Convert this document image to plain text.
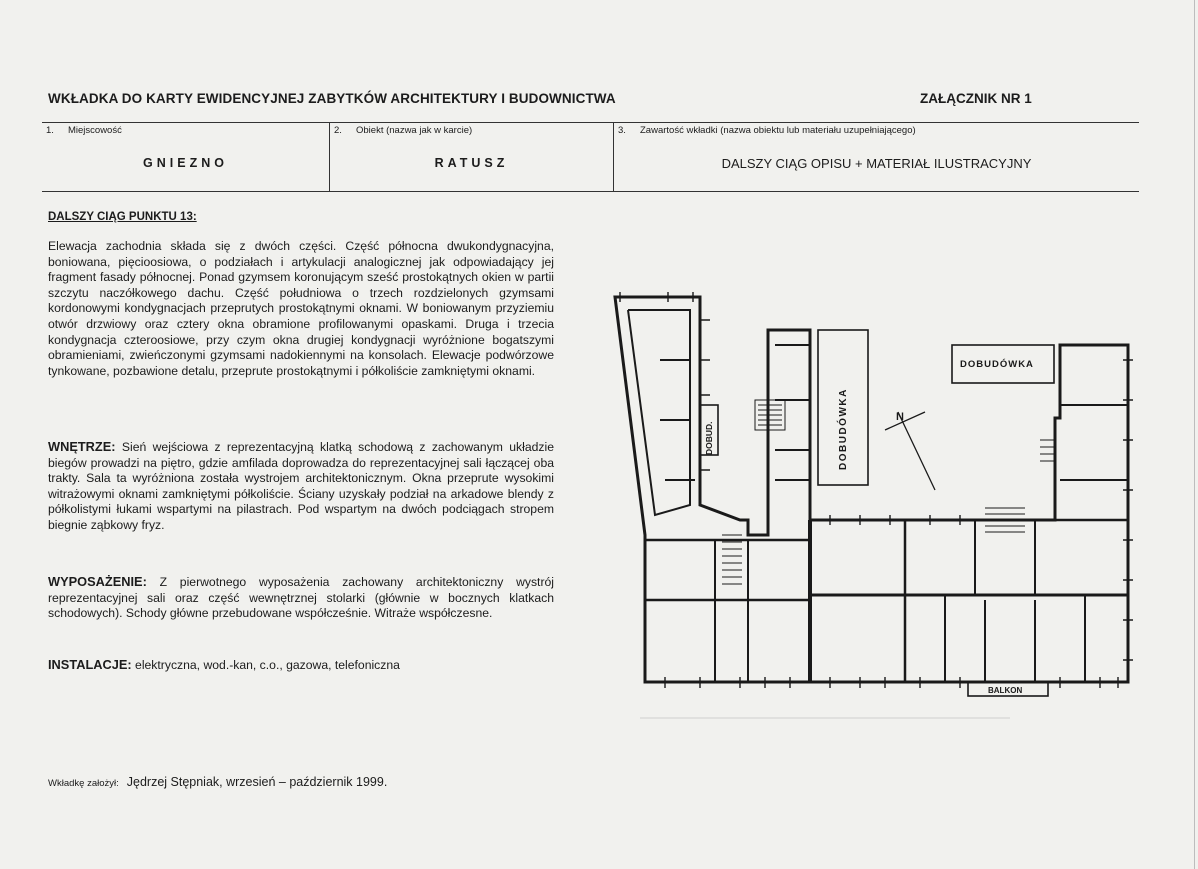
WKŁADKA DO KARTY EWIDENCYJNEJ ZABYTKÓW ARCHITEKTURY I BUDOWNICTWA	ZAŁĄCZNIK NR 1
1. Miejscowość
GNIEZNO
2. Obiekt (nazwa jak w karcie)
RATUSZ
3. Zawartość wkładki (nazwa obiektu lub materiału uzupełniającego)
DALSZY CIĄG OPISU + MATERIAŁ ILUSTRACYJNY
DALSZY CIĄG PUNKTU 13:
Elewacja zachodnia składa się z dwóch części. Część północna dwukondygnacyjna, boniowana, pięcioosiowa, o podziałach i artykulacji analogicznej jak odpowiadający jej fragment fasady północnej. Ponad gzymsem koronującym sześć prostokątnych okien w partii szczytu naczółkowego dachu. Część południowa o trzech rozdzielonych gzymsami kordonowymi kondygnacjach przeprutych prostokątnymi oknami. W boniowanym przyziemiu otwór drzwiowy oraz cztery okna obramione profilowanymi opaskami. Druga i trzecia kondygnacja czteroosiowe, przy czym okna drugiej kondygnacji wyróżnione bogatszymi obramieniami, zwieńczonymi gzymsami nadokiennymi na konsolach. Elewacje podwórzowe tynkowane, pozbawione detalu, przeprute prostokątnymi i półkoliście zamkniętymi oknami.
WNĘTRZE: Sień wejściowa z reprezentacyjną klatką schodową z zachowanym układzie biegów prowadzi na piętro, gdzie amfilada doprowadza do reprezentacyjnej sali łączącej oba trakty. Sala ta wyróżniona została wystrojem architektonicznym. Okna przeprute wysokimi witrażowymi oknami zamkniętymi półkoliście. Ściany uzyskały podział na arkadowe blendy z półkolistymi łukami wspartymi na pilastrach. Pod wspartym na dwóch podciągach stropem biegnie ząbkowy fryz.
WYPOSAŻENIE: Z pierwotnego wyposażenia zachowany architektoniczny wystrój reprezentacyjnej sali oraz część wewnętrznej stolarki (głównie w bocznych klatkach schodowych). Schody główne przebudowane współcześnie. Witraże współczesne.
INSTALACJE: elektryczna, wod.-kan, c.o., gazowa, telefoniczna
Wkładkę założył: Jędrzej Stępniak, wrzesień – październik 1999.
DOBUD.	DOBUDÓWKA
DOBUDÓWKA
N
BALKON
